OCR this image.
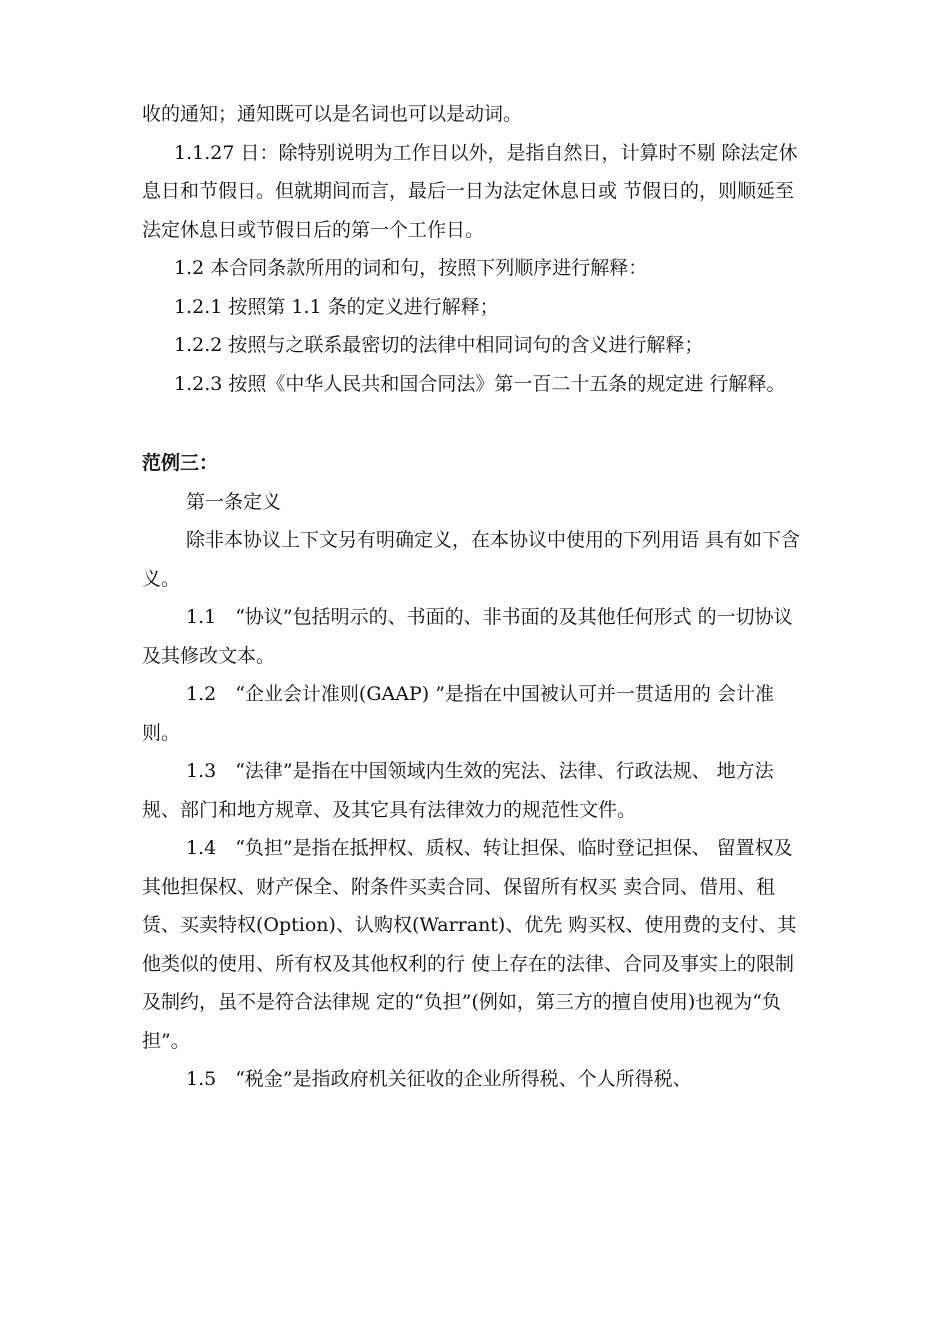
收的通知；通知既可以是名词也可以是动词。

1.1.27 日：除特别说明为工作日以外，是指自然日，计算时不剔 除法定休息日和节假日。但就期间而言，最后一日为法定休息日或 节假日的，则顺延至法定休息日或节假日后的第一个工作日。

1.2 本合同条款所用的词和句，按照下列顺序进行解释：

1.2.1 按照第 1.1 条的定义进行解释；

1.2.2 按照与之联系最密切的法律中相同词句的含义进行解释；

1.2.3 按照《中华人民共和国合同法》第一百二十五条的规定进 行解释。

范例三：

第一条定义

除非本协议上下文另有明确定义，在本协议中使用的下列用语 具有如下含义。

1.1　“协议”包括明示的、书面的、非书面的及其他任何形式 的一切协议及其修改文本。

1.2　“企业会计准则(GAAP) ”是指在中国被认可并一贯适用的 会计准则。

1.3　“法律”是指在中国领域内生效的宪法、法律、行政法规、 地方法规、部门和地方规章、及其它具有法律效力的规范性文件。

1.4　“负担”是指在抵押权、质权、转让担保、临时登记担保、 留置权及其他担保权、财产保全、附条件买卖合同、保留所有权买 卖合同、借用、租赁、买卖特权(Option)、认购权(Warrant)、优先 购买权、使用费的支付、其他类似的使用、所有权及其他权利的行 使上存在的法律、合同及事实上的限制及制约，虽不是符合法律规 定的“负担”(例如，第三方的擅自使用)也视为“负担”。

1.5　“税金”是指政府机关征收的企业所得税、个人所得税、
